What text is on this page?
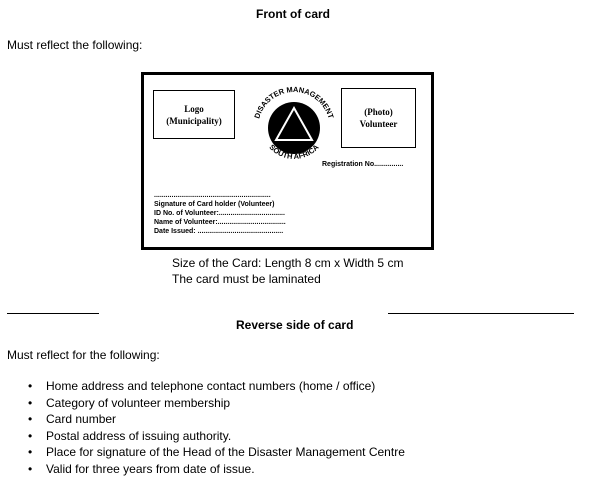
Front of card
Must reflect the following:
Logo
(Municipality)	DISASTER MANAGEMENT
SOUTH AFRICA
(Photo)
Volunteer
Registration No...............
............................................................
Signature of Card holder (Volunteer)
ID No. of Volunteer:..................................
Name of Volunteer:...................................
Date Issued: ............................................
Size of the Card: Length 8 cm x Width 5 cm
The card must be laminated
Reverse side of card
Must reflect for the following:
• Home address and telephone contact numbers (home / office)
• Category of volunteer membership
• Card number
• Postal address of issuing authority.
• Place for signature of the Head of the Disaster Management Centre
• Valid for three years from date of issue.
